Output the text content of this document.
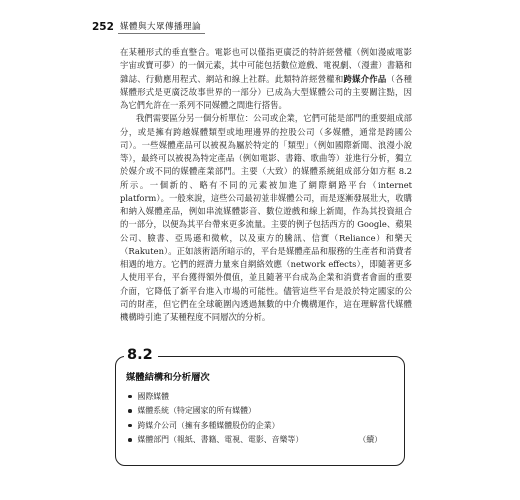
252 媒體與大眾傳播理論

在某種形式的垂直整合。電影也可以僅指更廣泛的特許經營權（例如漫威電影宇宙或寶可夢）的一個元素，其中可能包括數位遊戲、電視劇、（漫畫）書籍和雜誌、行動應用程式、網站和線上社群。此類特許經營權和跨媒介作品（各種媒體形式是更廣泛故事世界的一部分）已成為大型媒體公司的主要關注點，因為它們允許在一系列不同媒體之間進行搭售。

我們需要區分另一個分析單位：公司或企業，它們可能是部門的重要組成部分，或是擁有跨越媒體類型或地理邊界的控股公司（多媒體，通常是跨國公司）。一些媒體產品可以被視為屬於特定的「類型」（例如國際新聞、浪漫小說等），最終可以被視為特定產品（例如電影、書籍、歌曲等）並進行分析，獨立於媒介或不同的媒體產業部門。主要（大致）的媒體系統組成部分如方框 8.2 所示。一個新的、略有不同的元素被加進了網際網路平台（internet platform）。一般來說，這些公司最初並非媒體公司，而是逐漸發展壯大，收購和納入媒體產品，例如串流媒體影音、數位遊戲和線上新聞，作為其投資組合的一部分，以便為其平台帶來更多流量。主要的例子包括西方的 Google、蘋果公司、臉書、亞馬遜和微軟，以及東方的騰訊、信實（Reliance）和樂天（Rakuten）。正如該術語所暗示的，平台是媒體產品和服務的生產者和消費者相遇的地方。它們的經濟力量來自網絡效應（network effects），即隨著更多人使用平台，平台獲得額外價值，並且隨著平台成為企業和消費者會面的重要介面，它降低了新平台進入市場的可能性。儘管這些平台是設於特定國家的公司的財產，但它們在全球範圍內透過無數的中介機構運作，這在理解當代媒體機構時引進了某種程度不同層次的分析。

8.2
媒體結構和分析層次
國際媒體
媒體系統（特定國家的所有媒體）
跨媒介公司（擁有多種媒體股份的企業）
媒體部門（報紙、書籍、電視、電影、音樂等）	（續）
